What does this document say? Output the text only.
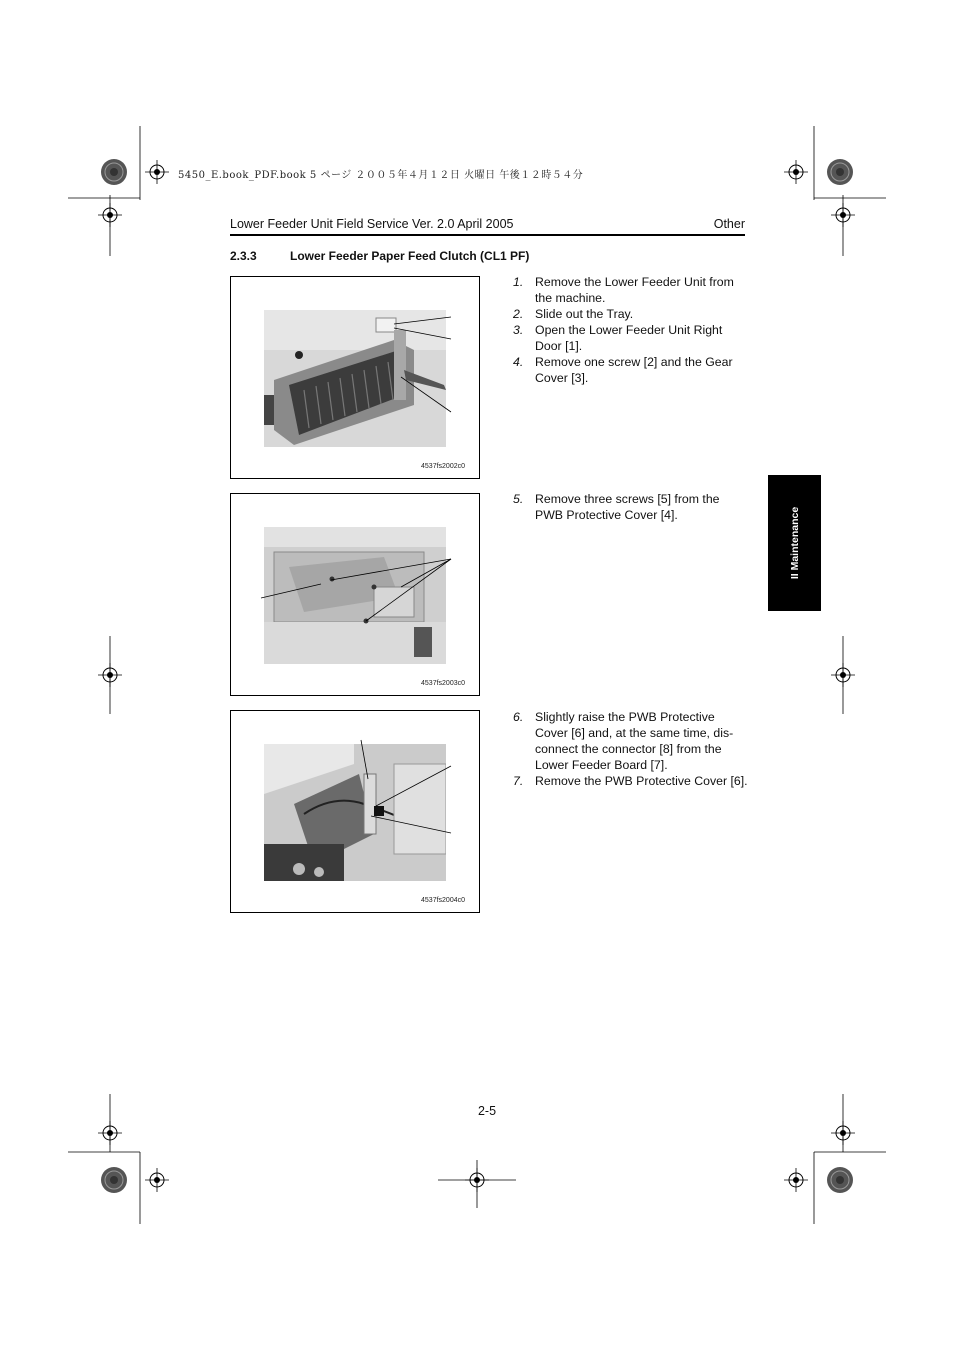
5450_E.book_PDF.book 5 ページ ２００５年４月１２日 火曜日 午後１２時５４分
Lower Feeder Unit Field Service Ver. 2.0 April 2005	Other
2.3.3	Lower Feeder Paper Feed Clutch (CL1 PF)
4537fs2002c0
4537fs2003c0
4537fs2004c0
1. Remove the Lower Feeder Unit from the machine.
2. Slide out the Tray.
3. Open the Lower Feeder Unit Right Door [1].
4. Remove one screw [2] and the Gear Cover [3].
5. Remove three screws [5] from the PWB Protective Cover [4].
6. Slightly raise the PWB Protective Cover [6] and, at the same time, dis-connect the connector [8] from the Lower Feeder Board [7].
7. Remove the PWB Protective Cover [6].
II Maintenance
2-5
